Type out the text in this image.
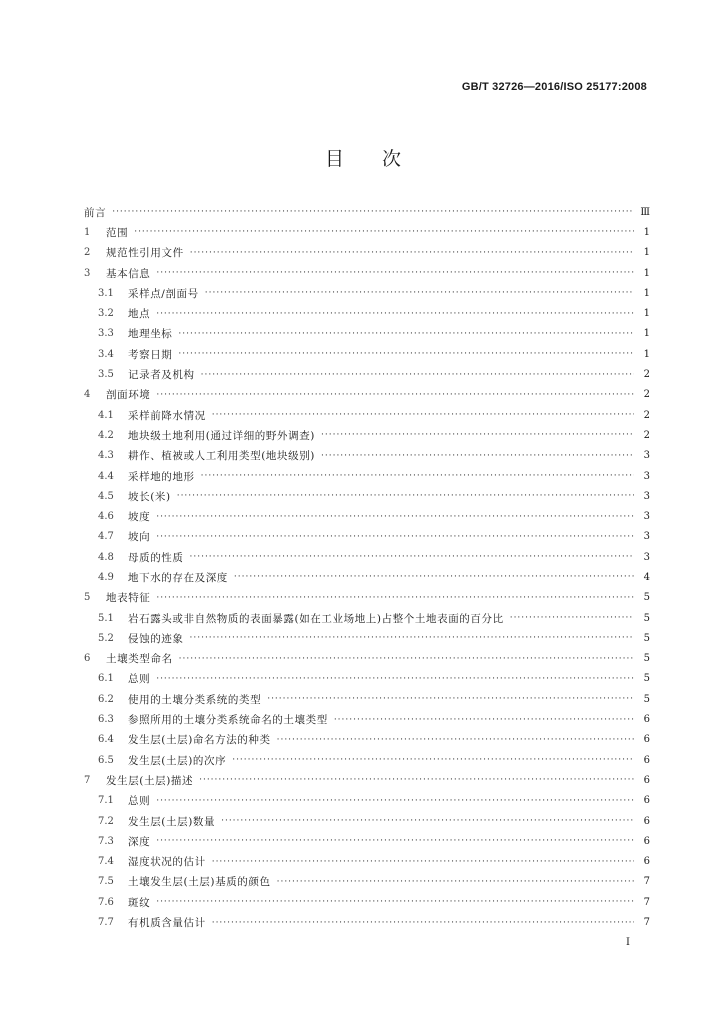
GB/T 32726—2016/ISO 25177:2008
目 次
前言 ·····	Ⅲ
1	范围 ·····	1
2	规范性引用文件 ·····	1
3	基本信息 ·····	1
3.1	采样点/剖面号 ·····	1
3.2	地点 ·····	1
3.3	地理坐标 ·····	1
3.4	考察日期 ·····	1
3.5	记录者及机构 ·····	2
4	剖面环境 ·····	2
4.1	采样前降水情况 ·····	2
4.2	地块级土地利用(通过详细的野外调查) ·····	2
4.3	耕作、植被或人工利用类型(地块级别) ·····	3
4.4	采样地的地形 ·····	3
4.5	坡长(米) ·····	3
4.6	坡度 ·····	3
4.7	坡向 ·····	3
4.8	母质的性质 ·····	3
4.9	地下水的存在及深度 ·····	4
5	地表特征 ·····	5
5.1	岩石露头或非自然物质的表面暴露(如在工业场地上)占整个土地表面的百分比 ·····	5
5.2	侵蚀的迹象 ·····	5
6	土壤类型命名 ·····	5
6.1	总则 ·····	5
6.2	使用的土壤分类系统的类型 ·····	5
6.3	参照所用的土壤分类系统命名的土壤类型 ·····	6
6.4	发生层(土层)命名方法的种类 ·····	6
6.5	发生层(土层)的次序 ·····	6
7	发生层(土层)描述 ·····	6
7.1	总则 ·····	6
7.2	发生层(土层)数量 ·····	6
7.3	深度 ·····	6
7.4	湿度状况的估计 ·····	6
7.5	土壤发生层(土层)基质的颜色 ·····	7
7.6	斑纹 ·····	7
7.7	有机质含量估计 ·····	7
I
